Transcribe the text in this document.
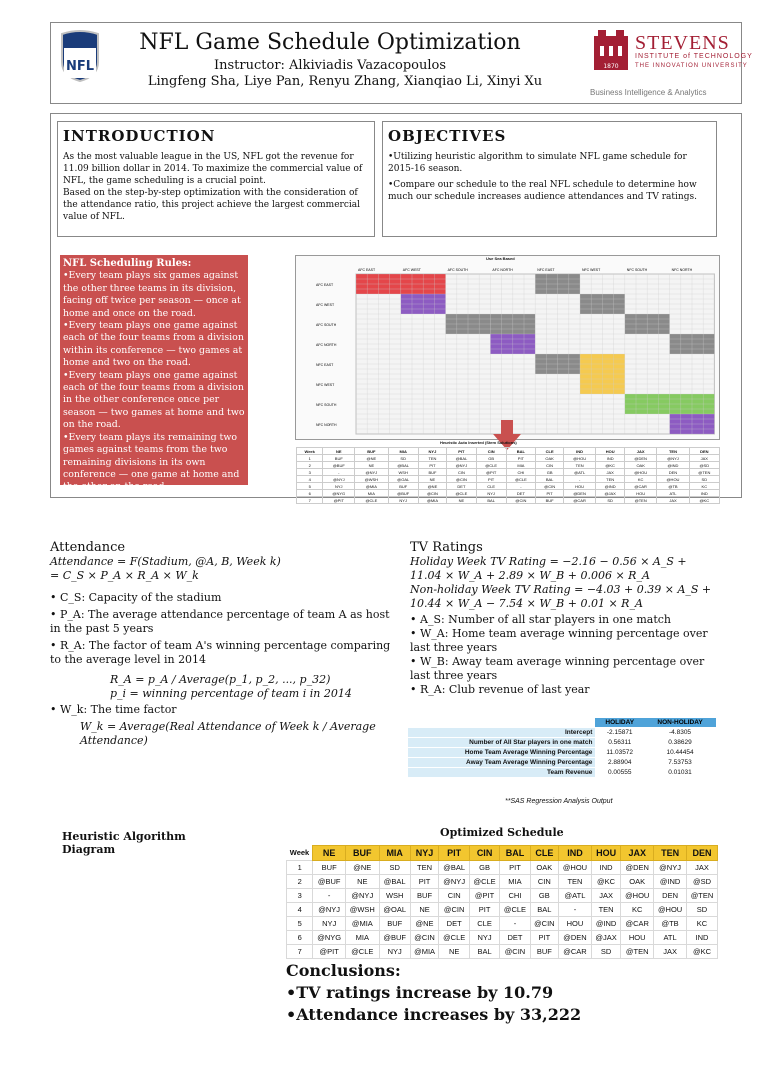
NFL
NFL Game Schedule Optimization
Instructor: Alkiviadis Vazacopoulos
Lingfeng Sha, Liye Pan, Renyu Zhang, Xianqiao Li, Xinyi Xu
1870
STEVENS
INSTITUTE of TECHNOLOGY
THE INNOVATION UNIVERSITY
Business Intelligence & Analytics
INTRODUCTION

As the most valuable league in the US, NFL got the revenue for 11.09 billion dollar in 2014. To maximize the commercial value of NFL, the game scheduling is a crucial point.

Based on the step-by-step optimization with the consideration of the attendance ratio, this project achieve the largest commercial value of NFL.

OBJECTIVES

•Utilizing heuristic algorithm to simulate NFL game schedule for 2015-16 season.

•Compare our schedule to the real NFL schedule to determine how much our schedule increases audience attendances and TV ratings.

NFL Scheduling Rules:
•Every team plays six games against the other three teams in its division, facing off twice per season — once at home and once on the road.
•Every team plays one game against each of the four teams from a division within its conference — two games at home and two on the road.
•Every team plays one game against each of the four teams from a division in the other conference once per season — two games at home and two on the road.
•Every team plays its remaining two games against teams from the two remaining divisions in its own conference — one game at home and the other on the road.
Use Sea Based
AFC EAST
AFC EAST
AFC WEST
AFC WEST
AFC SOUTH
AFC SOUTH
AFC NORTH
AFC NORTH
NFC EAST
NFC EAST
NFC WEST
NFC WEST
NFC SOUTH
NFC SOUTH
NFC NORTH
NFC NORTH
Heuristic Auto Inserted (Stem Solutions)
Week	NE	BUF	MIA	NYJ	PIT	CIN	BAL	CLE	IND	HOU	JAX	TEN	DEN
1	BUF	@NE	SD	TEN	@BAL	GB	PIT	OAK	@HOU	IND	@DEN	@NYJ	JAX
2	@BUF	NE	@BAL	PIT	@NYJ	@CLE	MIA	CIN	TEN	@KC	OAK	@IND	@SD
3	-	@NYJ	WSH	BUF	CIN	@PIT	CHI	GB	@ATL	JAX	@HOU	DEN	@TEN
4	@NYJ	@WSH	@OAL	NE	@CIN	PIT	@CLE	BAL	-	TEN	KC	@HOU	SD
5	NYJ	@MIA	BUF	@NE	DET	CLE	-	@CIN	HOU	@IND	@CAR	@TB	KC
6	@NYG	MIA	@BUF	@CIN	@CLE	NYJ	DET	PIT	@DEN	@JAX	HOU	ATL	IND
7	@PIT	@CLE	NYJ	@MIA	NE	BAL	@CIN	BUF	@CAR	SD	@TEN	JAX	@KC
Attendance
Attendance = F(Stadium, @A, B, Week k)
= C_S × P_A × R_A × W_k
• C_S: Capacity of the stadium
• P_A: The average attendance percentage of team A as host in the past 5 years
• R_A: The factor of team A's winning percentage comparing to the average level in 2014
R_A = p_A / Average(p_1, p_2, ..., p_32)
p_i = winning percentage of team i in 2014
• W_k: The time factor
W_k = Average(Real Attendance of Week k / Average Attendance)
TV Ratings
Holiday Week TV Rating = −2.16 − 0.56 × A_S + 11.04 × W_A + 2.89 × W_B + 0.006 × R_A
Non-holiday Week TV Rating = −4.03 + 0.39 × A_S + 10.44 × W_A − 7.54 × W_B + 0.01 × R_A
• A_S: Number of all star players in one match
• W_A: Home team average winning percentage over last three years
• W_B: Away team average winning percentage over last three years
• R_A: Club revenue of last year
	HOLIDAY	NON-HOLIDAY
Intercept	-2.15871	-4.8305
Number of All Star players in one match	0.56311	0.38629
Home Team Average Winning Percentage	11.03572	10.44454
Away Team Average Winning Percentage	2.88904	7.53753
Team Revenue	0.00555	0.01031
**SAS Regression Analysis Output
Heuristic Algorithm Diagram
Optimized Schedule
Week	NE	BUF	MIA	NYJ	PIT	CIN	BAL	CLE	IND	HOU	JAX	TEN	DEN
1	BUF	@NE	SD	TEN	@BAL	GB	PIT	OAK	@HOU	IND	@DEN	@NYJ	JAX
2	@BUF	NE	@BAL	PIT	@NYJ	@CLE	MIA	CIN	TEN	@KC	OAK	@IND	@SD
3	-	@NYJ	WSH	BUF	CIN	@PIT	CHI	GB	@ATL	JAX	@HOU	DEN	@TEN
4	@NYJ	@WSH	@OAL	NE	@CIN	PIT	@CLE	BAL	-	TEN	KC	@HOU	SD
5	NYJ	@MIA	BUF	@NE	DET	CLE	-	@CIN	HOU	@IND	@CAR	@TB	KC
6	@NYG	MIA	@BUF	@CIN	@CLE	NYJ	DET	PIT	@DEN	@JAX	HOU	ATL	IND
7	@PIT	@CLE	NYJ	@MIA	NE	BAL	@CIN	BUF	@CAR	SD	@TEN	JAX	@KC
Conclusions:
•TV ratings increase by 10.79
•Attendance increases by 33,222
